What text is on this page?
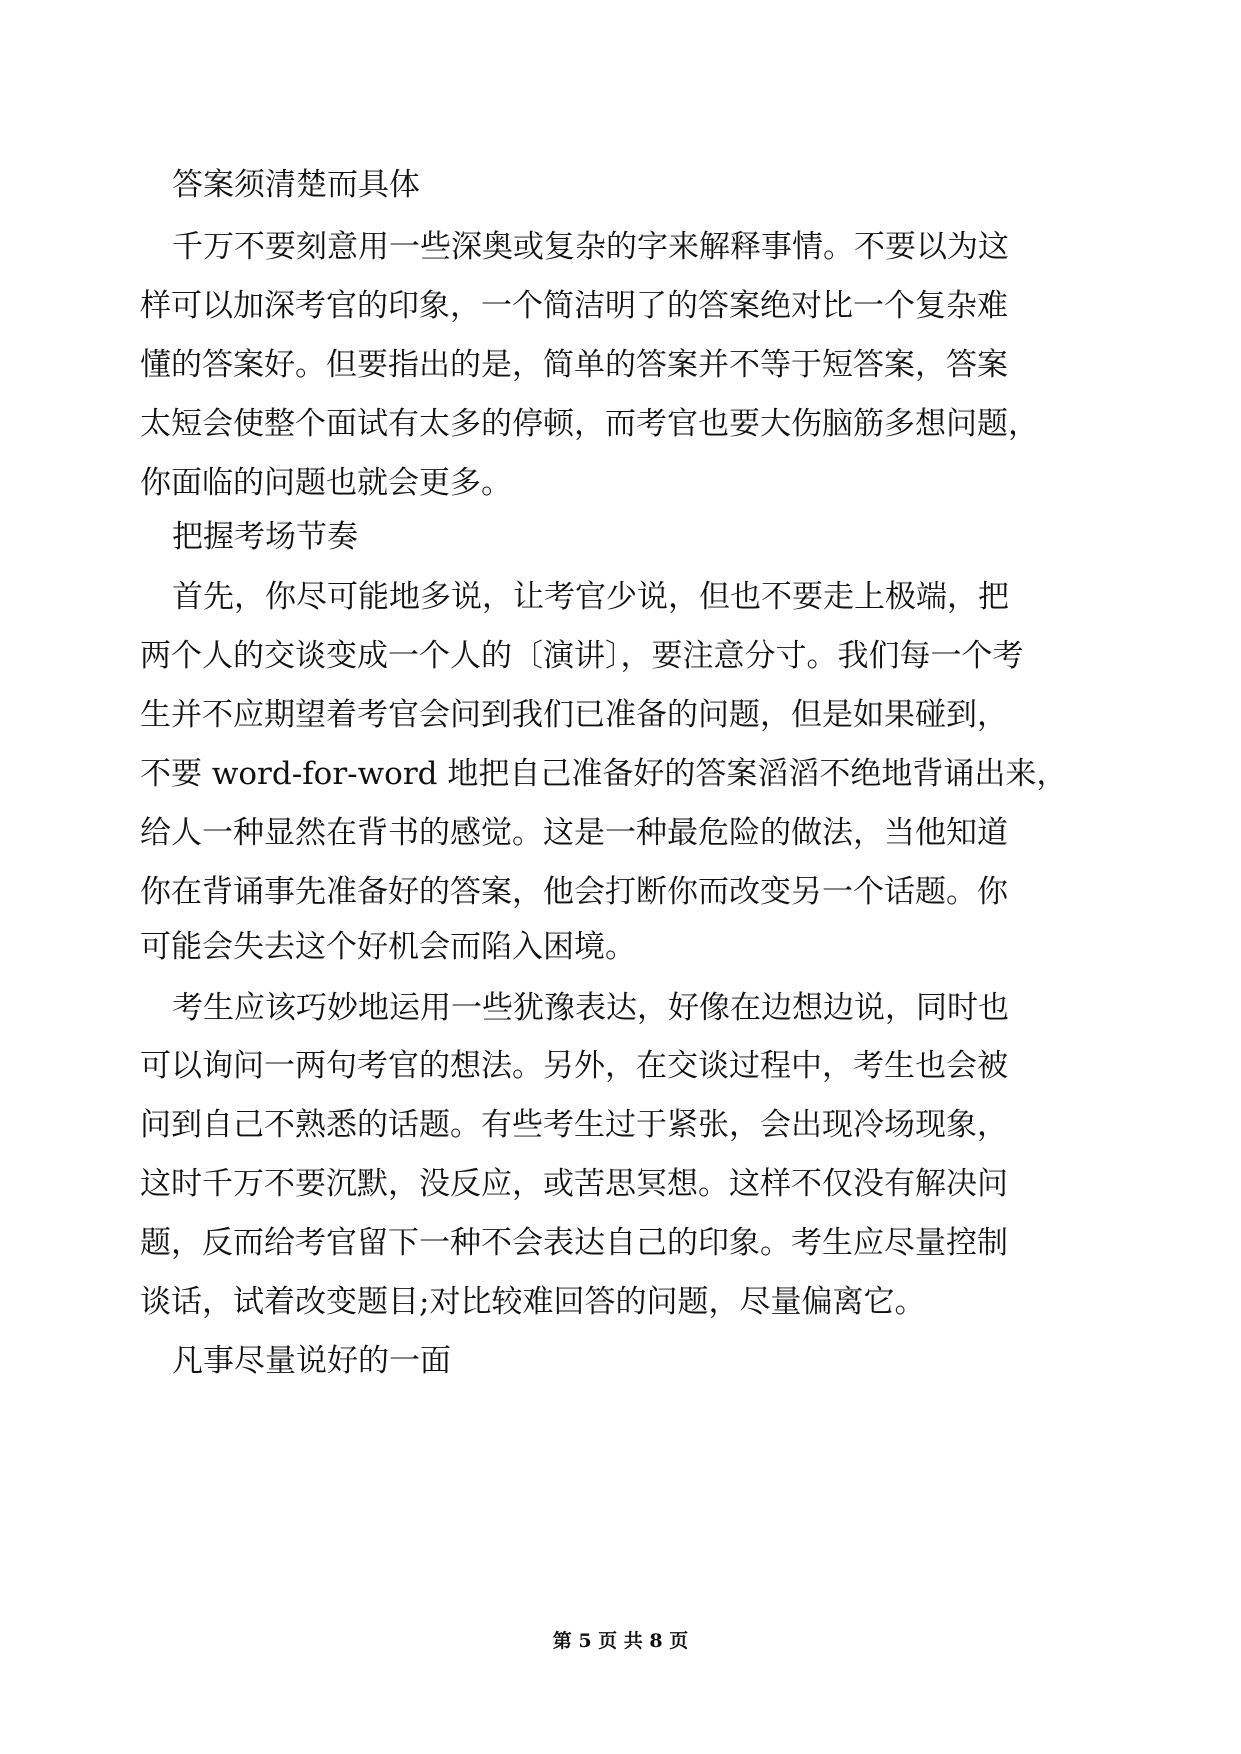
答案须清楚而具体
千万不要刻意用一些深奥或复杂的字来解释事情。不要以为这
样可以加深考官的印象，一个简洁明了的答案绝对比一个复杂难
懂的答案好。但要指出的是，简单的答案并不等于短答案，答案
太短会使整个面试有太多的停顿，而考官也要大伤脑筋多想问题，
你面临的问题也就会更多。
把握考场节奏
首先，你尽可能地多说，让考官少说，但也不要走上极端，把
两个人的交谈变成一个人的〔演讲〕，要注意分寸。我们每一个考
生并不应期望着考官会问到我们已准备的问题，但是如果碰到，
不要 word-for-word 地把自己准备好的答案滔滔不绝地背诵出来，
给人一种显然在背书的感觉。这是一种最危险的做法，当他知道
你在背诵事先准备好的答案，他会打断你而改变另一个话题。你
可能会失去这个好机会而陷入困境。
考生应该巧妙地运用一些犹豫表达，好像在边想边说，同时也
可以询问一两句考官的想法。另外，在交谈过程中，考生也会被
问到自己不熟悉的话题。有些考生过于紧张，会出现冷场现象，
这时千万不要沉默，没反应，或苦思冥想。这样不仅没有解决问
题，反而给考官留下一种不会表达自己的印象。考生应尽量控制
谈话，试着改变题目;对比较难回答的问题，尽量偏离它。
凡事尽量说好的一面
第 5 页 共 8 页
